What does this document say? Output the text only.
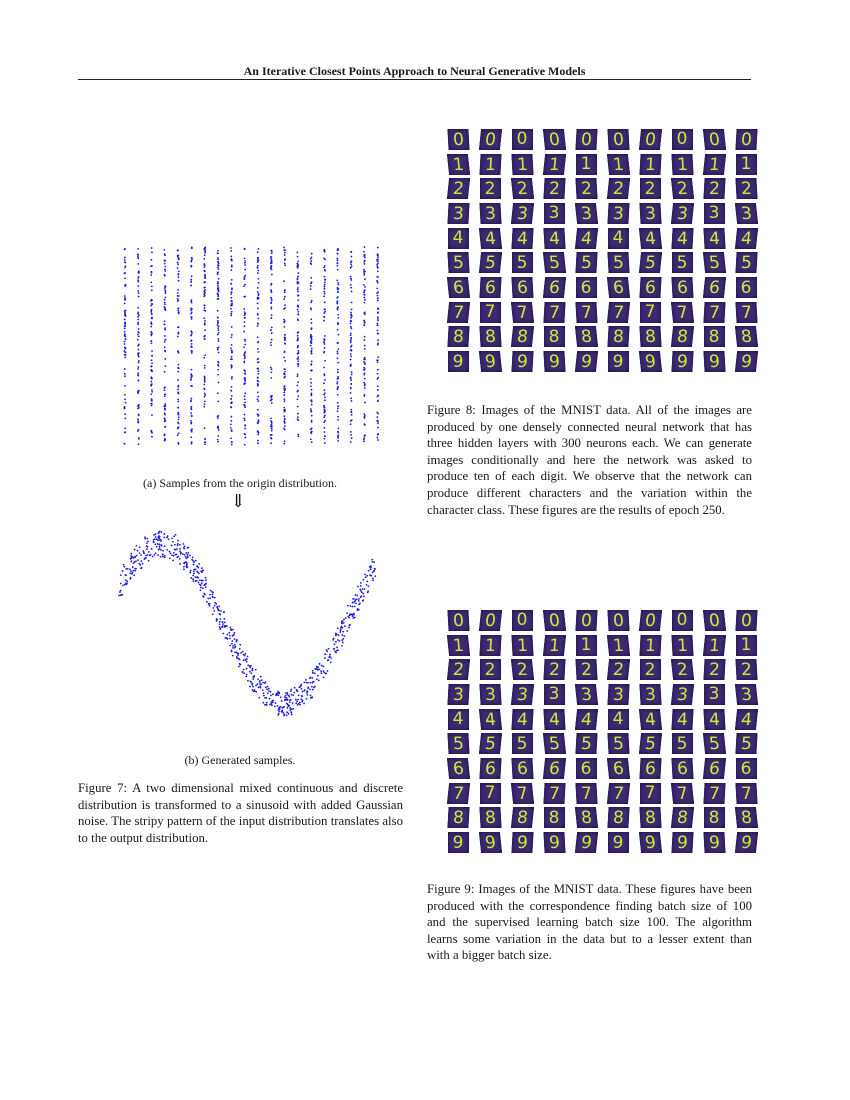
An Iterative Closest Points Approach to Neural Generative Models
(a) Samples from the origin distribution.
⇓
(b) Generated samples.
Figure 7: A two dimensional mixed continuous and discrete distribution is transformed to a sinusoid with added Gaussian noise. The stripy pattern of the input distribution translates also to the output distribution.
0	0	0	0	0	0	0	0	0	0
1	1	1	1	1	1	1	1	1	1
2	2	2	2	2	2	2	2	2	2
3	3	3	3	3	3	3	3	3	3
4	4	4	4	4	4	4	4	4	4
5	5	5	5	5	5	5	5	5	5
6	6	6	6	6	6	6	6	6	6
7	7	7	7	7	7	7	7	7	7
8	8	8	8	8	8	8	8	8	8
9	9	9	9	9	9	9	9	9	9
Figure 8: Images of the MNIST data. All of the images are produced by one densely connected neural network that has three hidden layers with 300 neurons each. We can generate images conditionally and here the network was asked to produce ten of each digit. We observe that the network can produce different characters and the variation within the character class. These figures are the results of epoch 250.
0	0	0	0	0	0	0	0	0	0
1	1	1	1	1	1	1	1	1	1
2	2	2	2	2	2	2	2	2	2
3	3	3	3	3	3	3	3	3	3
4	4	4	4	4	4	4	4	4	4
5	5	5	5	5	5	5	5	5	5
6	6	6	6	6	6	6	6	6	6
7	7	7	7	7	7	7	7	7	7
8	8	8	8	8	8	8	8	8	8
9	9	9	9	9	9	9	9	9	9
Figure 9: Images of the MNIST data. These figures have been produced with the correspondence finding batch size of 100 and the supervised learning batch size 100. The algorithm learns some variation in the data but to a lesser extent than with a bigger batch size.
